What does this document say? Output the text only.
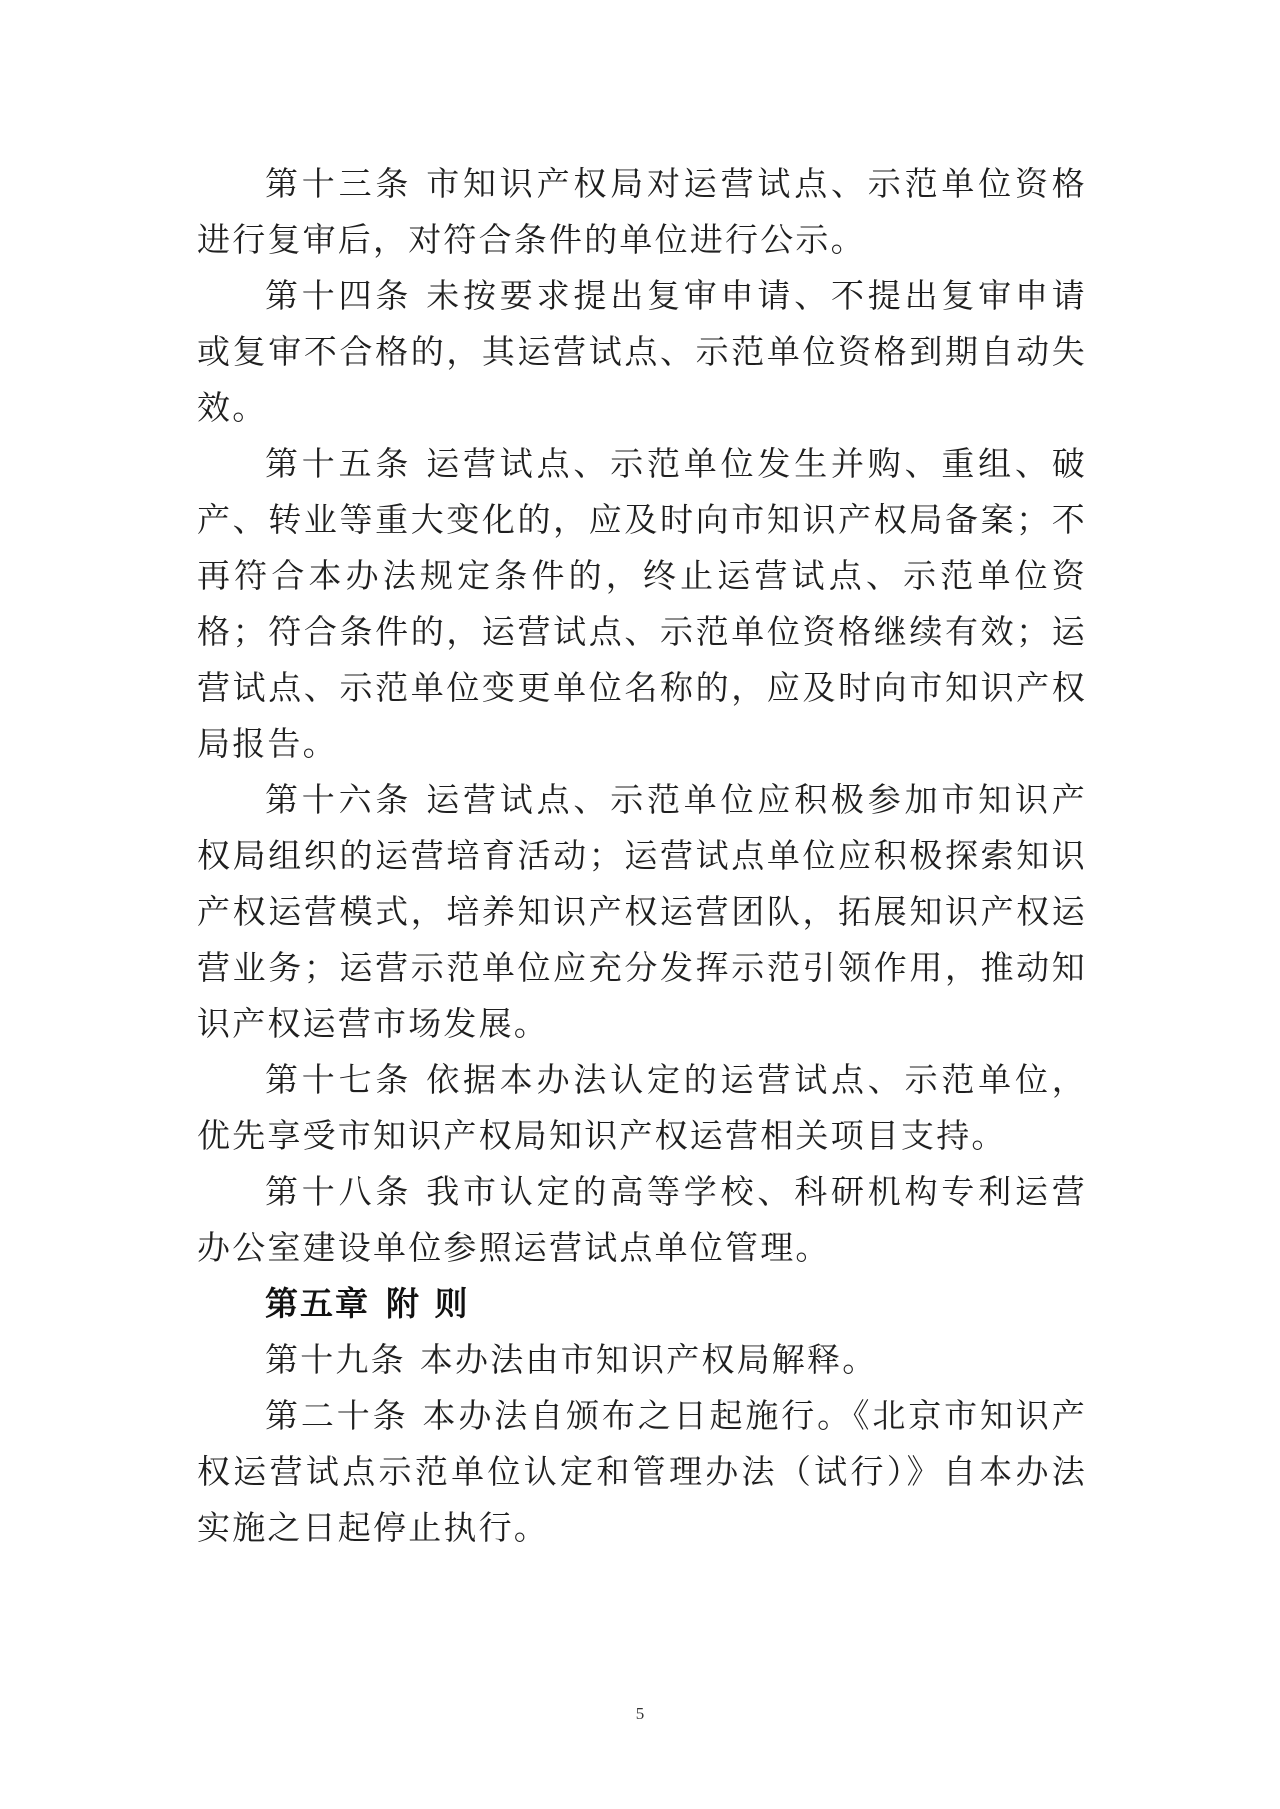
第十三条 市知识产权局对运营试点、示范单位资格进行复审后，对符合条件的单位进行公示。

第十四条 未按要求提出复审申请、不提出复审申请或复审不合格的，其运营试点、示范单位资格到期自动失效。

第十五条 运营试点、示范单位发生并购、重组、破产、转业等重大变化的，应及时向市知识产权局备案；不再符合本办法规定条件的，终止运营试点、示范单位资格；符合条件的，运营试点、示范单位资格继续有效；运营试点、示范单位变更单位名称的，应及时向市知识产权局报告。

第十六条 运营试点、示范单位应积极参加市知识产权局组织的运营培育活动；运营试点单位应积极探索知识产权运营模式，培养知识产权运营团队，拓展知识产权运营业务；运营示范单位应充分发挥示范引领作用，推动知识产权运营市场发展。

第十七条 依据本办法认定的运营试点、示范单位，优先享受市知识产权局知识产权运营相关项目支持。

第十八条 我市认定的高等学校、科研机构专利运营办公室建设单位参照运营试点单位管理。

第五章 附 则

第十九条 本办法由市知识产权局解释。

第二十条 本办法自颁布之日起施行。《北京市知识产权运营试点示范单位认定和管理办法（试行）》自本办法实施之日起停止执行。

5
